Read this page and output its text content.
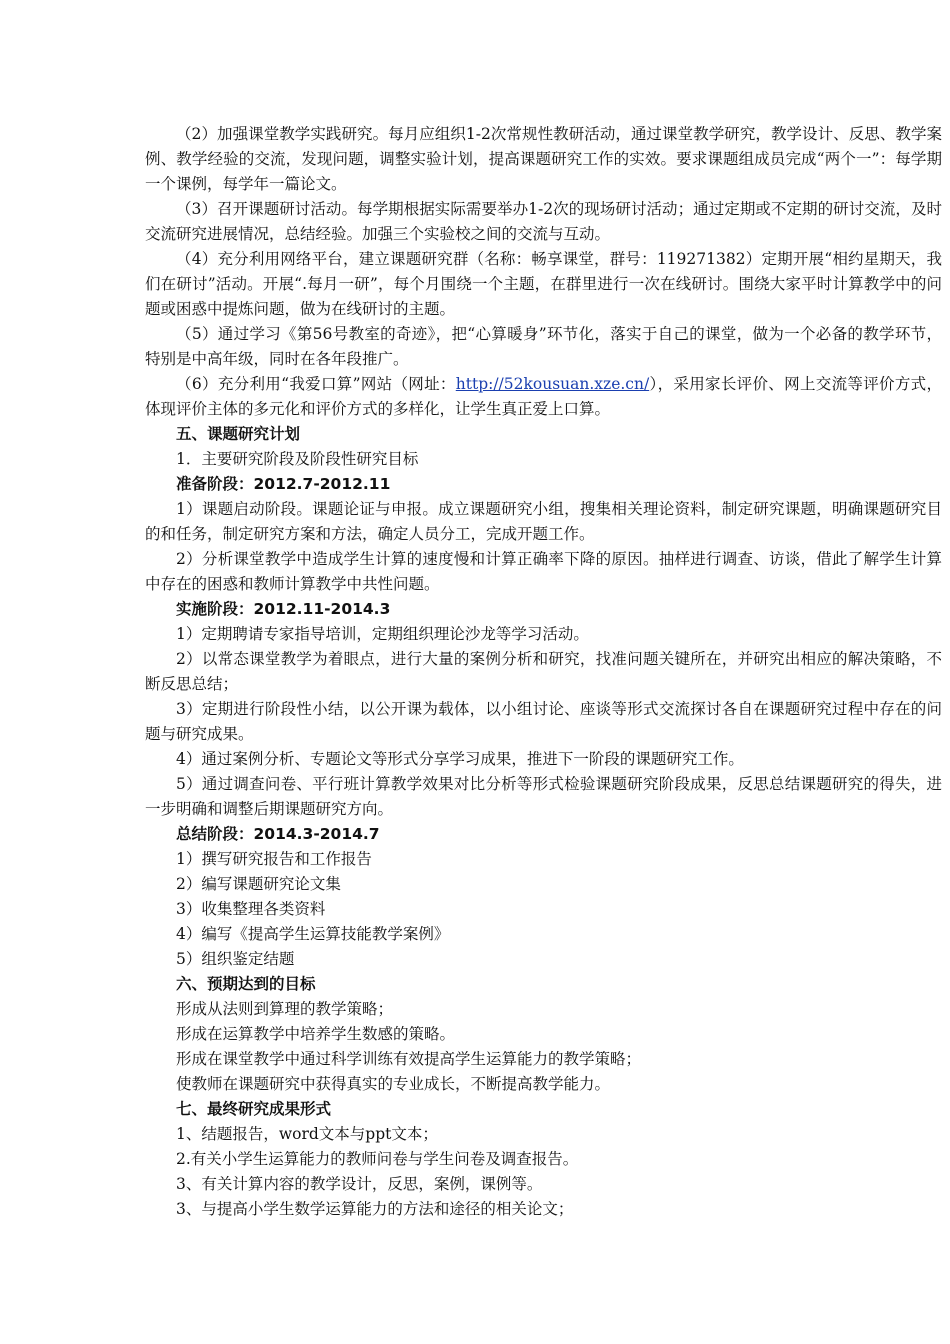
（2）加强课堂教学实践研究。每月应组织1-2次常规性教研活动，通过课堂教学研究，教学设计、反思、教学案例、教学经验的交流，发现问题，调整实验计划，提高课题研究工作的实效。要求课题组成员完成“两个一”：每学期一个课例，每学年一篇论文。

（3）召开课题研讨活动。每学期根据实际需要举办1-2次的现场研讨活动；通过定期或不定期的研讨交流，及时交流研究进展情况，总结经验。加强三个实验校之间的交流与互动。

（4）充分利用网络平台，建立课题研究群（名称：畅享课堂，群号：119271382）定期开展“相约星期天，我们在研讨”活动。开展“.每月一研”，每个月围绕一个主题，在群里进行一次在线研讨。围绕大家平时计算教学中的问题或困惑中提炼问题，做为在线研讨的主题。

（5）通过学习《第56号教室的奇迹》，把“心算暖身”环节化，落实于自己的课堂，做为一个必备的教学环节，特别是中高年级，同时在各年段推广。

（6）充分利用“我爱口算”网站（网址：http://52kousuan.xze.cn/），采用家长评价、网上交流等评价方式，体现评价主体的多元化和评价方式的多样化，让学生真正爱上口算。

五、课题研究计划

1．主要研究阶段及阶段性研究目标

准备阶段：2012.7-2012.11

1）课题启动阶段。课题论证与申报。成立课题研究小组，搜集相关理论资料，制定研究课题，明确课题研究目的和任务，制定研究方案和方法，确定人员分工，完成开题工作。

2）分析课堂教学中造成学生计算的速度慢和计算正确率下降的原因。抽样进行调查、访谈，借此了解学生计算中存在的困惑和教师计算教学中共性问题。

实施阶段：2012.11-2014.3

1）定期聘请专家指导培训，定期组织理论沙龙等学习活动。

2）以常态课堂教学为着眼点，进行大量的案例分析和研究，找准问题关键所在，并研究出相应的解决策略，不断反思总结；

3）定期进行阶段性小结，以公开课为载体，以小组讨论、座谈等形式交流探讨各自在课题研究过程中存在的问题与研究成果。

4）通过案例分析、专题论文等形式分享学习成果，推进下一阶段的课题研究工作。

5）通过调查问卷、平行班计算教学效果对比分析等形式检验课题研究阶段成果，反思总结课题研究的得失，进一步明确和调整后期课题研究方向。

总结阶段：2014.3-2014.7

1）撰写研究报告和工作报告

2）编写课题研究论文集

3）收集整理各类资料

4）编写《提高学生运算技能教学案例》

5）组织鉴定结题

六、预期达到的目标

形成从法则到算理的教学策略；

形成在运算教学中培养学生数感的策略。

形成在课堂教学中通过科学训练有效提高学生运算能力的教学策略；

使教师在课题研究中获得真实的专业成长，不断提高教学能力。

七、最终研究成果形式

1、结题报告，word文本与ppt文本；

2.有关小学生运算能力的教师问卷与学生问卷及调查报告。

3、有关计算内容的教学设计，反思，案例，课例等。

3、与提高小学生数学运算能力的方法和途径的相关论文；
